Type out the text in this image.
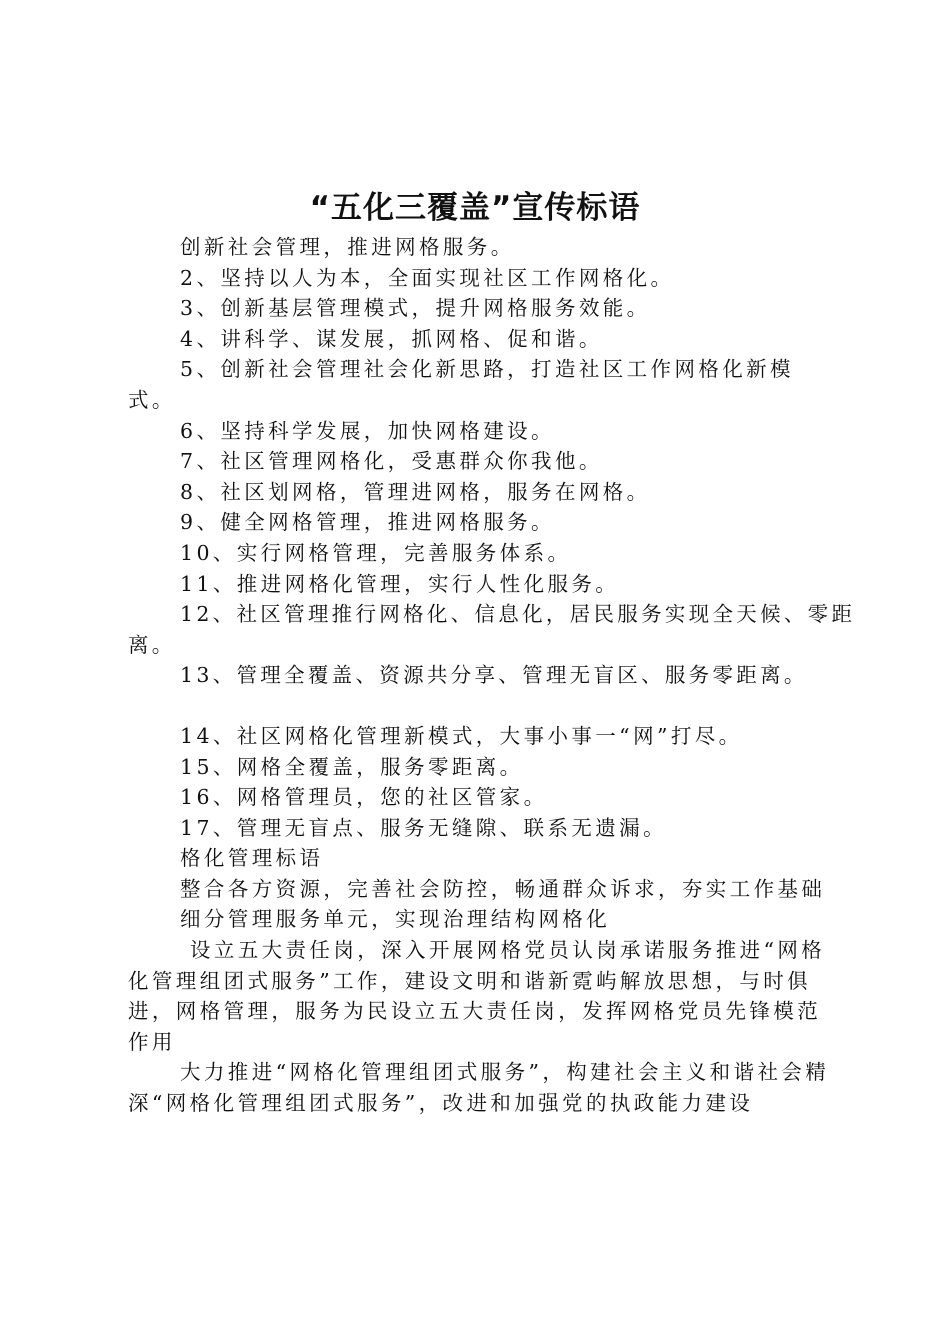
“五化三覆盖”宣传标语

创新社会管理，推进网格服务。

2、坚持以人为本，全面实现社区工作网格化。

3、创新基层管理模式，提升网格服务效能。

4、讲科学、谋发展，抓网格、促和谐。

5、创新社会管理社会化新思路，打造社区工作网格化新模式。

6、坚持科学发展，加快网格建设。

7、社区管理网格化，受惠群众你我他。

8、社区划网格，管理进网格，服务在网格。

9、健全网格管理，推进网格服务。

10、实行网格管理，完善服务体系。

11、推进网格化管理，实行人性化服务。

12、社区管理推行网格化、信息化，居民服务实现全天候、零距离。

13、管理全覆盖、资源共分享、管理无盲区、服务零距离。

14、社区网格化管理新模式，大事小事一“网”打尽。

15、网格全覆盖，服务零距离。

16、网格管理员，您的社区管家。

17、管理无盲点、服务无缝隙、联系无遗漏。

格化管理标语

整合各方资源，完善社会防控，畅通群众诉求，夯实工作基础

细分管理服务单元，实现治理结构网格化

设立五大责任岗，深入开展网格党员认岗承诺服务推进“网格化管理组团式服务”工作，建设文明和谐新霓屿解放思想，与时俱进，网格管理，服务为民设立五大责任岗，发挥网格党员先锋模范作用

大力推进“网格化管理组团式服务”，构建社会主义和谐社会精深“网格化管理组团式服务”，改进和加强党的执政能力建设
